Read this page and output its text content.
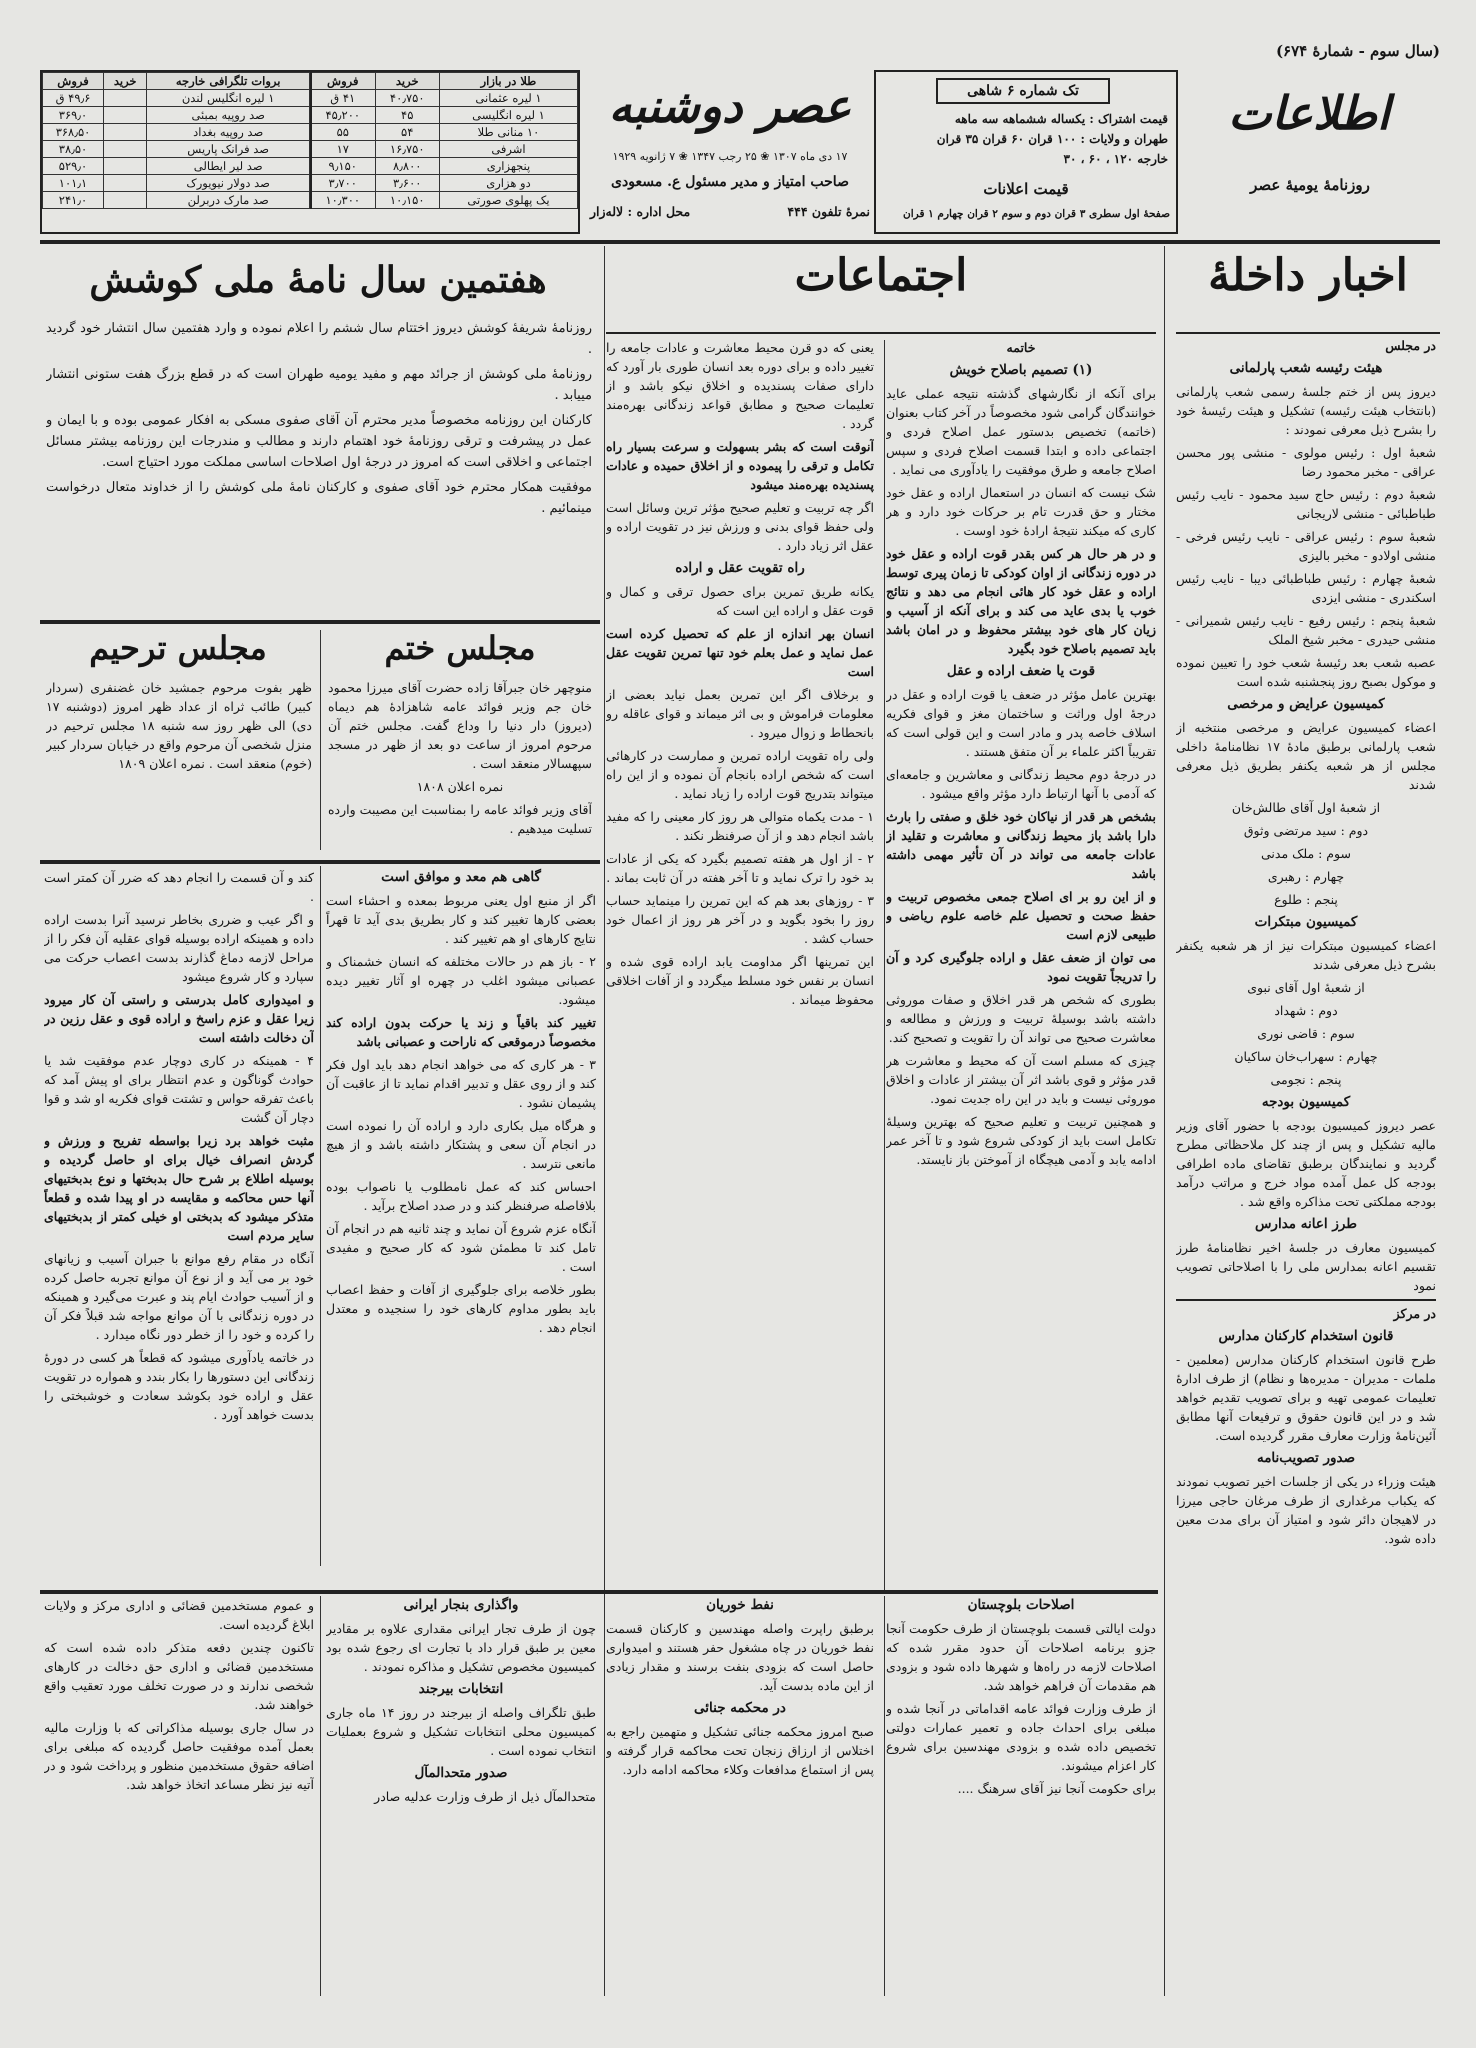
(سال سوم - شمارهٔ ۶۷۴)
اطلاعات
روزنامهٔ یومیهٔ عصر
تک شماره ۶ شاهی
قیمت اشتراک : یکساله ششماهه سه ماهه
طهران و ولایات : ۱۰۰ قران ۶۰ قران ۳۵ قران
خارجه ۱۲۰ ، ۶۰ ، ۳۰
قیمت اعلانات
صفحهٔ اول سطری ۳ قران دوم و سوم ۲ قران چهارم ۱ قران
عصر دوشنبه
۱۷ دی ماه ۱۳۰۷ ❀ ۲۵ رجب ۱۳۴۷ ❀ ۷ ژانویه ۱۹۲۹
صاحب امتیاز و مدیر مسئول ع. مسعودی
محل اداره : لاله‌زار	نمرهٔ تلفون ۴۴۴
طلا در بازار	خرید	فروش
۱ لیره عثمانی	۴۰٫۷۵۰	۴۱ ق
۱ لیره انگلیسی	۴۵	۴۵٫۲۰۰
۱۰ منانی طلا	۵۴	۵۵
اشرفی	۱۶٫۷۵۰	۱۷
پنجهزاری	۸٫۸۰۰	۹٫۱۵۰
دو هزاری	۳٫۶۰۰	۳٫۷۰۰
یک پهلوی صورتی	۱۰٫۱۵۰	۱۰٫۳۰۰
بروات تلگرافی خارجه	خرید	فروش
۱ لیره انگلیس لندن		۴۹٫۶ ق
صد روپیه بمبئی		۳۶۹٫۰
صد روپیه بغداد		۳۶۸٫۵۰
صد فرانک پاریس		۳۸٫۵۰
صد لیر ایطالی		۵۲۹٫۰
صد دولار نیویورک		۱۰۱٫۱
صد مارک دربرلن		۲۴۱٫۰
اخبار داخلهٔ

در مجلس

هیئت رئیسه شعب پارلمانی

دیروز پس از ختم جلسهٔ رسمی شعب پارلمانی (بانتخاب هیئت رئیسه) تشکیل و هیئت رئیسهٔ خود را بشرح ذیل معرفی نمودند :

شعبهٔ اول : رئیس مولوی - منشی پور محسن عراقی - مخبر محمود رضا

شعبهٔ دوم : رئیس حاج سید محمود - نایب رئیس طباطبائی - منشی لاریجانی

شعبهٔ سوم : رئیس عراقی - نایب رئیس فرخی - منشی اولادو - مخبر بالیزی

شعبهٔ چهارم : رئیس طباطبائی دیبا - نایب رئیس اسکندری - منشی ایزدی

شعبهٔ پنجم : رئیس رفیع - نایب رئیس شمیرانی - منشی حیدری - مخبر شیخ الملک

عصبه شعب بعد رئیسهٔ شعب خود را تعیین نموده و موکول بصبح روز پنجشنبه شده است

کمیسیون عرایض و مرخصی

اعضاء کمیسیون عرایض و مرخصی منتخبه از شعب پارلمانی برطبق مادهٔ ۱۷ نظامنامهٔ داخلی مجلس از هر شعبه یکنفر بطریق ذیل معرفی شدند

از شعبهٔ اول آقای طالش‌خان

دوم : سید مرتضی وثوق

سوم : ملک مدنی

چهارم : رهبری

پنجم : طلوع

کمیسیون مبتکرات

اعضاء کمیسیون مبتکرات نیز از هر شعبه یکنفر بشرح ذیل معرفی شدند

از شعبهٔ اول آقای نبوی

دوم : شهداد

سوم : قاضی نوری

چهارم : سهراب‌خان ساکیان

پنجم : نجومی

کمیسیون بودجه

عصر دیروز کمیسیون بودجه با حضور آقای وزیر مالیه تشکیل و پس از چند کل ملاحظاتی مطرح گردید و نمایندگان برطبق تقاضای ماده اطرافی بودجه کل عمل آمده مواد خرج و مراتب درآمد بودجه مملکتی تحت مذاکره واقع شد .

طرز اعانه مدارس

کمیسیون معارف در جلسهٔ اخیر نظامنامهٔ طرز تقسیم اعانه بمدارس ملی را با اصلاحاتی تصویب نمود

در مرکز

قانون استخدام کارکنان مدارس

طرح قانون استخدام کارکنان مدارس (معلمین - ملمات - مدیران - مدیره‌ها و نظام) از طرف ادارهٔ تعلیمات عمومی تهیه و برای تصویب تقدیم خواهد شد و در این قانون حقوق و ترفیعات آنها مطابق آئین‌نامهٔ وزارت معارف مقرر گردیده است.

صدور تصویب‌نامه

هیئت وزراء در یکی از جلسات اخیر تصویب نمودند که یکباب مرغداری از طرف مرغان حاجی میرزا در لاهیجان دائر شود و امتیاز آن برای مدت معین داده شود.

اجتماعات

خاتمه

(۱) تصمیم باصلاح خویش

برای آنکه از نگارشهای گذشته نتیجه عملی عاید خوانندگان گرامی شود مخصوصاً در آخر کتاب بعنوان (خاتمه) تخصیص بدستور عمل اصلاح فردی و اجتماعی داده و ابتدا قسمت اصلاح فردی و سپس اصلاح جامعه و طرق موفقیت را یادآوری می نماید .

شک نیست که انسان در استعمال اراده و عقل خود مختار و حق قدرت تام بر حرکات خود دارد و هر کاری که میکند نتیجهٔ ارادهٔ خود اوست .

و در هر حال هر کس بقدر قوت اراده و عقل خود در دوره زندگانی از اوان کودکی تا زمان پیری توسط اراده و عقل خود کار هائی انجام می دهد و نتائج خوب یا بدی عاید می کند و برای آنکه از آسیب و زیان کار های خود بیشتر محفوظ و در امان باشد باید تصمیم باصلاح خود بگیرد

قوت یا ضعف اراده و عقل

بهترین عامل مؤثر در ضعف یا قوت اراده و عقل در درجهٔ اول وراثت و ساختمان مغز و قوای فکریه اسلاف خاصه پدر و مادر است و این قولی است که تقریباً اکثر علماء بر آن متفق هستند .

در درجهٔ دوم محیط زندگانی و معاشرین و جامعه‌ای که آدمی با آنها ارتباط دارد مؤثر واقع میشود .

بشخص هر قدر از نیاکان خود خلق و صفتی را بارث دارا باشد باز محیط زندگانی و معاشرت و تقلید از عادات جامعه می تواند در آن تأثیر مهمی داشته باشد

و از این رو بر ای اصلاح جمعی مخصوص تربیت و حفظ صحت و تحصیل علم خاصه علوم ریاضی و طبیعی لازم است

می توان از ضعف عقل و اراده جلوگیری کرد و آن را تدریجاً تقویت نمود

بطوری که شخص هر قدر اخلاق و صفات موروثی داشته باشد بوسیلهٔ تربیت و ورزش و مطالعه و معاشرت صحیح می تواند آن را تقویت و تصحیح کند.

چیزی که مسلم است آن که محیط و معاشرت هر قدر مؤثر و قوی باشد اثر آن بیشتر از عادات و اخلاق موروثی نیست و باید در این راه جدیت نمود.

و همچنین تربیت و تعلیم صحیح که بهترین وسیلهٔ تکامل است باید از کودکی شروع شود و تا آخر عمر ادامه یابد و آدمی هیچگاه از آموختن باز نایستد.

یعنی که دو قرن محیط معاشرت و عادات جامعه را تغییر داده و برای دوره بعد انسان طوری بار آورد که دارای صفات پسندیده و اخلاق نیکو باشد و از تعلیمات صحیح و مطابق قواعد زندگانی بهره‌مند گردد .

آنوقت است که بشر بسهولت و سرعت بسیار راه تکامل و ترقی را پیموده و از اخلاق حمیده و عادات پسندیده بهره‌مند میشود

اگر چه تربیت و تعلیم صحیح مؤثر ترین وسائل است ولی حفظ قوای بدنی و ورزش نیز در تقویت اراده و عقل اثر زیاد دارد .

راه تقویت عقل و اراده

یکانه طریق تمرین برای حصول ترقی و کمال و قوت عقل و اراده این است که

انسان بهر اندازه از علم که تحصیل کرده است عمل نماید و عمل بعلم خود تنها تمرین تقویت عقل است

و برخلاف اگر این تمرین بعمل نیاید بعضی از معلومات فراموش و بی اثر میماند و قوای عاقله رو بانحطاط و زوال میرود .

ولی راه تقویت اراده تمرین و ممارست در کارهائی است که شخص اراده بانجام آن نموده و از این راه میتواند بتدریج قوت اراده را زیاد نماید .

۱ - مدت یکماه متوالی هر روز کار معینی را که مفید باشد انجام دهد و از آن صرفنظر نکند .

۲ - از اول هر هفته تصمیم بگیرد که یکی از عادات بد خود را ترک نماید و تا آخر هفته در آن ثابت بماند .

۳ - روزهای بعد هم که این تمرین را مینماید حساب روز را بخود بگوید و در آخر هر روز از اعمال خود حساب کشد .

این تمرینها اگر مداومت یابد اراده قوی شده و انسان بر نفس خود مسلط میگردد و از آفات اخلاقی محفوظ میماند .

هفتمین سال نامهٔ ملی کوشش

روزنامهٔ شریفهٔ کوشش دیروز اختتام سال ششم را اعلام نموده و وارد هفتمین سال انتشار خود گردید .

روزنامهٔ ملی کوشش از جرائد مهم و مفید یومیه طهران است که در قطع بزرگ هفت ستونی انتشار مییابد .

کارکنان این روزنامه مخصوصاً مدیر محترم آن آقای صفوی مسکی به افکار عمومی بوده و با ایمان و عمل در پیشرفت و ترقی روزنامهٔ خود اهتمام دارند و مطالب و مندرجات این روزنامه بیشتر مسائل اجتماعی و اخلاقی است که امروز در درجهٔ اول اصلاحات اساسی مملکت مورد احتیاج است.

موفقیت همکار محترم خود آقای صفوی و کارکنان نامهٔ ملی کوشش را از خداوند متعال درخواست مینمائیم .

مجلس ختم

منوچهر خان جبرآقا زاده حضرت آقای میرزا محمود خان جم وزیر فوائد عامه شاهزادهٔ هم دیماه (دیروز) دار دنیا را وداع گفت. مجلس ختم آن مرحوم امروز از ساعت دو بعد از ظهر در مسجد سپهسالار منعقد است .

نمره اعلان ۱۸۰۸

آقای وزیر فوائد عامه را بمناسبت این مصیبت وارده تسلیت میدهیم .

مجلس ترحیم

ظهر بفوت مرحوم جمشید خان غضنفری (سردار کبیر) طائب ثراه از عداد ظهر امروز (دوشنبه ۱۷ دی) الی ظهر روز سه شنبه ۱۸ مجلس ترحیم در منزل شخصی آن مرحوم واقع در خیابان سردار کبیر (خوم) منعقد است . نمره اعلان ۱۸۰۹

گاهی هم معد و موافق است

اگر از منبع اول یعنی مربوط بمعده و احشاء است بعضی کارها تغییر کند و کار بطریق بدی آید تا قهراً نتایج کارهای او هم تغییر کند .

۲ - باز هم در حالات مختلفه که انسان خشمناک و عصبانی میشود اغلب در چهره او آثار تغییر دیده میشود.

تغییر کند باقیاً و زند یا حرکت بدون اراده کند مخصوصاً درموقعی که ناراحت و عصبانی باشد

۳ - هر کاری که می خواهد انجام دهد باید اول فکر کند و از روی عقل و تدبیر اقدام نماید تا از عاقبت آن پشیمان نشود .

و هرگاه میل بکاری دارد و اراده آن را نموده است در انجام آن سعی و پشتکار داشته باشد و از هیچ مانعی نترسد .

احساس کند که عمل نامطلوب یا ناصواب بوده بلافاصله صرفنظر کند و در صدد اصلاح برآید .

آنگاه عزم شروع آن نماید و چند ثانیه هم در انجام آن تامل کند تا مطمئن شود که کار صحیح و مفیدی است .

بطور خلاصه برای جلوگیری از آفات و حفظ اعصاب باید بطور مداوم کارهای خود را سنجیده و معتدل انجام دهد .

کند و آن قسمت را انجام دهد که ضرر آن کمتر است .

و اگر عیب و ضرری بخاطر نرسید آنرا بدست اراده داده و همینکه اراده بوسیله قوای عقلیه آن فکر را از مراحل لازمه دماغ گذارند بدست اعصاب حرکت می سپارد و کار شروع میشود

و امیدواری کامل بدرستی و راستی آن کار میرود زیرا عقل و عزم راسخ و اراده قوی و عقل رزین در آن دخالت داشته است

۴ - همینکه در کاری دوچار عدم موفقیت شد یا حوادث گوناگون و عدم انتظار برای او پیش آمد که باعث تفرقه حواس و تشتت قوای فکریه او شد و قوا دچار آن گشت

مثبت خواهد برد زیرا بواسطه تفریح و ورزش و گردش انصراف خیال برای او حاصل گردیده و بوسیله اطلاع بر شرح حال بدبختها و نوع بدبختیهای آنها حس محاکمه و مقایسه در او پیدا شده و قطعاً متذکر میشود که بدبختی او خیلی کمتر از بدبختیهای سایر مردم است

آنگاه در مقام رفع موانع با جبران آسیب و زیانهای خود بر می آید و از نوع آن موانع تجربه حاصل کرده و از آسیب حوادث ایام پند و عبرت می‌گیرد و همینکه در دوره زندگانی با آن موانع مواجه شد قبلاً فکر آن را کرده و خود را از خطر دور نگاه میدارد .

در خاتمه یادآوری میشود که قطعاً هر کسی در دورهٔ زندگانی این دستورها را بکار بندد و همواره در تقویت عقل و اراده خود بکوشد سعادت و خوشبختی را بدست خواهد آورد .

اصلاحات بلوچستان

دولت ایالتی قسمت بلوچستان از طرف حکومت آنجا جزو برنامه اصلاحات آن حدود مقرر شده که اصلاحات لازمه در راه‌ها و شهرها داده شود و بزودی هم مقدمات آن فراهم خواهد شد.

از طرف وزارت فوائد عامه اقداماتی در آنجا شده و مبلغی برای احداث جاده و تعمیر عمارات دولتی تخصیص داده شده و بزودی مهندسین برای شروع کار اعزام میشوند.

برای حکومت آنجا نیز آقای سرهنگ ....

نفط خوریان

برطبق راپرت واصله مهندسین و کارکنان قسمت نفط خوریان در چاه مشغول حفر هستند و امیدواری حاصل است که بزودی بنفت برسند و مقدار زیادی از این ماده بدست آید.

در محکمه جنائی

صبح امروز محکمه جنائی تشکیل و متهمین راجع به اختلاس از ارزاق زنجان تحت محاکمه قرار گرفته و پس از استماع مدافعات وکلاء محاکمه ادامه دارد.

واگذاری بنجار ایرانی

چون از طرف تجار ایرانی مقداری علاوه بر مقادیر معین بر طبق قرار داد با تجارت ای رجوع شده بود کمیسیون مخصوص تشکیل و مذاکره نمودند .

انتخابات بیرجند

طبق تلگراف واصله از بیرجند در روز ۱۴ ماه جاری کمیسیون محلی انتخابات تشکیل و شروع بعملیات انتخاب نموده است .

صدور متحدالمآل

متحدالمآل ذیل از طرف وزارت عدلیه صادر

و عموم مستخدمین قضائی و اداری مرکز و ولایات ابلاغ گردیده است.

تاکنون چندین دفعه متذکر داده شده است که مستخدمین قضائی و اداری حق دخالت در کارهای شخصی ندارند و در صورت تخلف مورد تعقیب واقع خواهند شد.

در سال جاری بوسیله مذاکراتی که با وزارت مالیه بعمل آمده موفقیت حاصل گردیده که مبلغی برای اضافه حقوق مستخدمین منظور و پرداخت شود و در آتیه نیز نظر مساعد اتخاذ خواهد شد.
